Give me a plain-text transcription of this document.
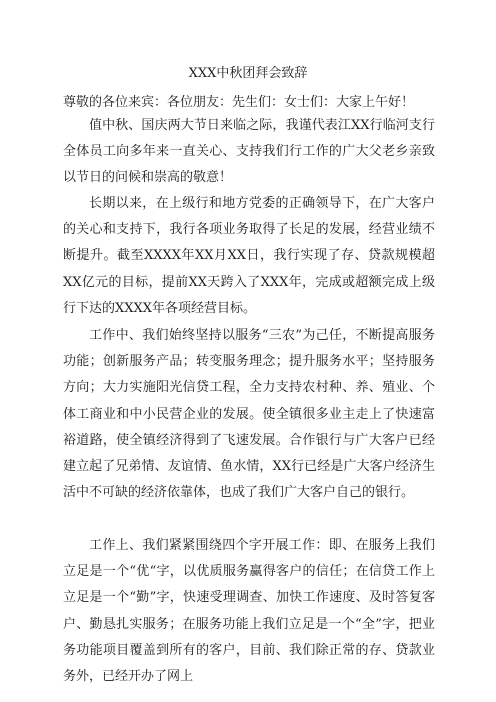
XXX中秋团拜会致辞

尊敬的各位来宾：各位朋友：先生们：女士们：大家上午好！

值中秋、国庆两大节日来临之际，我谨代表江XX行临河支行全体员工向多年来一直关心、支持我们行工作的广大父老乡亲致以节日的问候和崇高的敬意！

长期以来，在上级行和地方党委的正确领导下，在广大客户的关心和支持下，我行各项业务取得了长足的发展，经营业绩不断提升。截至XXXX年XX月XX日，我行实现了存、贷款规模超XX亿元的目标，提前XX天跨入了XXX年，完成或超额完成上级行下达的XXXX年各项经营目标。

工作中、我们始终坚持以服务“三农”为己任，不断提高服务功能；创新服务产品；转变服务理念；提升服务水平；坚持服务方向；大力实施阳光信贷工程，全力支持农村种、养、殖业、个体工商业和中小民营企业的发展。使全镇很多业主走上了快速富裕道路，使全镇经济得到了飞速发展。合作银行与广大客户已经建立起了兄弟情、友谊情、鱼水情，XX行已经是广大客户经济生活中不可缺的经济依靠体，也成了我们广大客户自己的银行。

工作上、我们紧紧围绕四个字开展工作：即、在服务上我们立足是一个“优“字，以优质服务赢得客户的信任；在信贷工作上立足是一个“勤”字，快速受理调查、加快工作速度、及时答复客户、勤恳扎实服务；在服务功能上我们立足是一个“全”字，把业务功能项目覆盖到所有的客户，目前、我们除正常的存、贷款业务外，已经开办了网上
